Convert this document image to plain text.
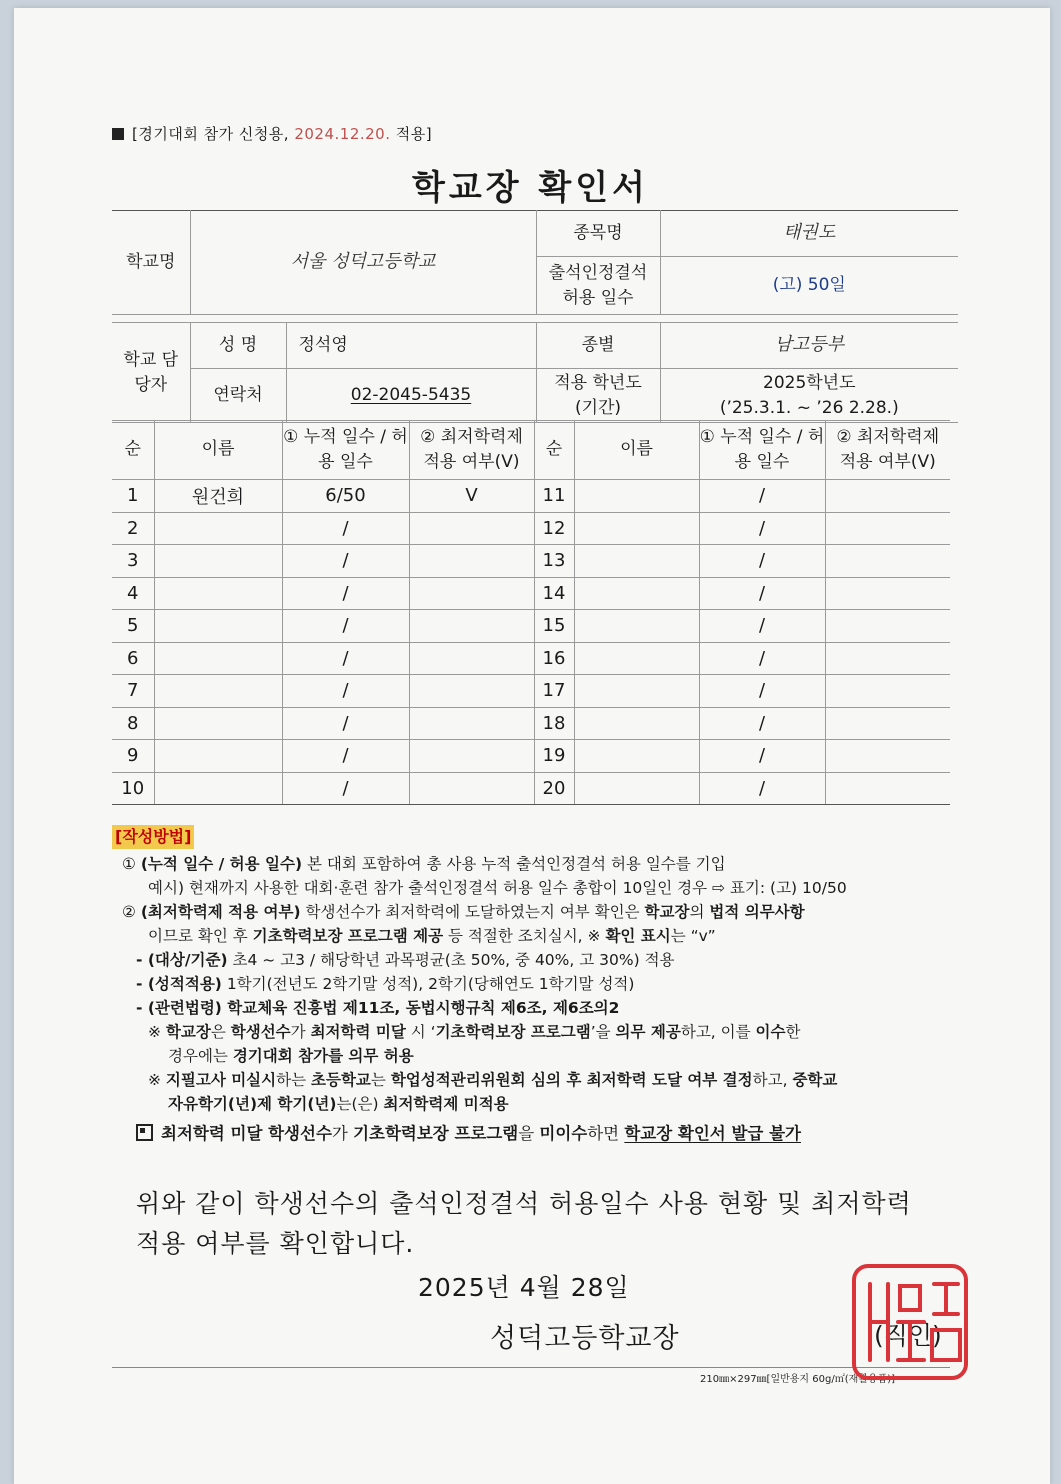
[경기대회 참가 신청용, 2024.12.20. 적용]
학교장 확인서
학교명	서울 성덕고등학교		종목명	태권도
			출석인정결석 허용 일수	(고) 50일

학교 담당자	성 명	정석영	종별	남고등부
	연락처	02-2045-5435	적용 학년도 (기간)	2025학년도
(’25.3.1. ~ ’26 2.28.)
순	이름	① 누적 일수 / 허용 일수	② 최저학력제 적용 여부(V)	순	이름	① 누적 일수 / 허용 일수	② 최저학력제 적용 여부(V)
1	원건희	6/50	V	11		/	
2		/		12		/	
3		/		13		/	
4		/		14		/	
5		/		15		/	
6		/		16		/	
7		/		17		/	
8		/		18		/	
9		/		19		/	
10		/		20		/	
[작성방법]

① (누적 일수 / 허용 일수) 본 대회 포함하여 총 사용 누적 출석인정결석 허용 일수를 기입

예시) 현재까지 사용한 대회·훈련 참가 출석인정결석 허용 일수 총합이 10일인 경우 ⇨ 표기: (고) 10/50

② (최저학력제 적용 여부) 학생선수가 최저학력에 도달하였는지 여부 확인은 학교장의 법적 의무사항

이므로 확인 후 기초학력보장 프로그램 제공 등 적절한 조치실시, ※ 확인 표시는 “v”

- (대상/기준) 초4 ~ 고3 / 해당학년 과목평균(초 50%, 중 40%, 고 30%) 적용

- (성적적용) 1학기(전년도 2학기말 성적), 2학기(당해연도 1학기말 성적)

- (관련법령) 학교체육 진흥법 제11조, 동법시행규칙 제6조, 제6조의2

※ 학교장은 학생선수가 최저학력 미달 시 ‘기초학력보장 프로그램’을 의무 제공하고, 이를 이수한

경우에는 경기대회 참가를 의무 허용

※ 지필고사 미실시하는 초등학교는 학업성적관리위원회 심의 후 최저학력 도달 여부 결정하고, 중학교

자유학기(년)제 학기(년)는(은) 최저학력제 미적용

최저학력 미달 학생선수가 기초학력보장 프로그램을 미이수하면 학교장 확인서 발급 불가

위와 같이 학생선수의 출석인정결석 허용일수 사용 현황 및 최저학력
적용 여부를 확인합니다.
2025년 4월 28일
성덕고등학교장	(직인)
210㎜×297㎜[일반용지 60g/㎡(재활용품)]
